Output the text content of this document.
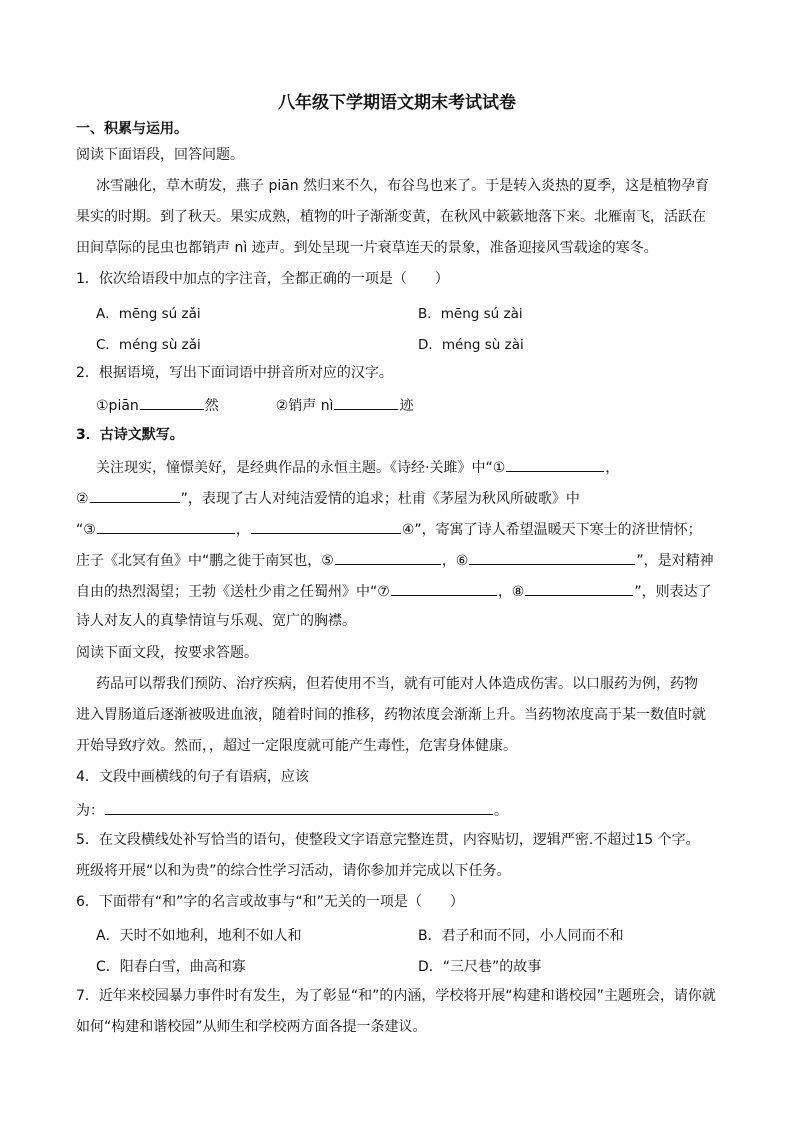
八年级下学期语文期末考试试卷
一、积累与运用。
阅读下面语段，回答问题。
冰雪融化，草木萌发，燕子 piān 然归来不久，布谷鸟也来了。于是转入炎热的夏季，这是植物孕育
果实的时期。到了秋天。果实成熟，植物的叶子渐渐变黄，在秋风中簌簌地落下来。北雁南飞，活跃在
田间草际的昆虫也都销声 nì 迹声。到处呈现一片衰草连天的景象，准备迎接风雪载途的寒冬。
1．依次给语段中加点的字注音，全都正确的一项是（　　）
A．mēng sú zǎi	B．mēng sú zài
C．méng sù zǎi	D．méng sù zài
2．根据语境，写出下面词语中拼音所对应的汉字。
①piān	然	②销声 nì	迹
3．古诗文默写。
关注现实，憧憬美好，是经典作品的永恒主题。《诗经·关雎》中“①	，
②	”，表现了古人对纯洁爱情的追求；杜甫《茅屋为秋风所破歌》中
“③	，	④”，寄寓了诗人希望温暖天下寒士的济世情怀；
庄子《北冥有鱼》中“鹏之徙于南冥也，⑤	，⑥	”，是对精神
自由的热烈渴望；王勃《送杜少甫之任蜀州》中“⑦	，⑧	”，则表达了
诗人对友人的真挚情谊与乐观、宽广的胸襟。
阅读下面文段，按要求答题。
药品可以帮我们预防、治疗疾病，但若使用不当，就有可能对人体造成伤害。以口服药为例，药物
进入胃肠道后逐渐被吸进血液，随着时间的推移，药物浓度会渐渐上升。当药物浓度高于某一数值时就
开始导致疗效。然而，，超过一定限度就可能产生毒性，危害身体健康。
4．文段中画横线的句子有语病，应该
为：	。
5．在文段横线处补写恰当的语句，使整段文字语意完整连贯，内容贴切，逻辑严密.不超过15 个字。
班级将开展“以和为贵”的综合性学习活动，请你参加并完成以下任务。
6．下面带有“和”字的名言或故事与“和”无关的一项是（　　）
A．天时不如地利，地利不如人和	B．君子和而不同，小人同而不和
C．阳春白雪，曲高和寡	D．“三尺巷”的故事
7．近年来校园暴力事件时有发生，为了彰显“和”的内涵，学校将开展“构建和谐校园”主题班会，请你就
如何“构建和谐校园”从师生和学校两方面各提一条建议。
